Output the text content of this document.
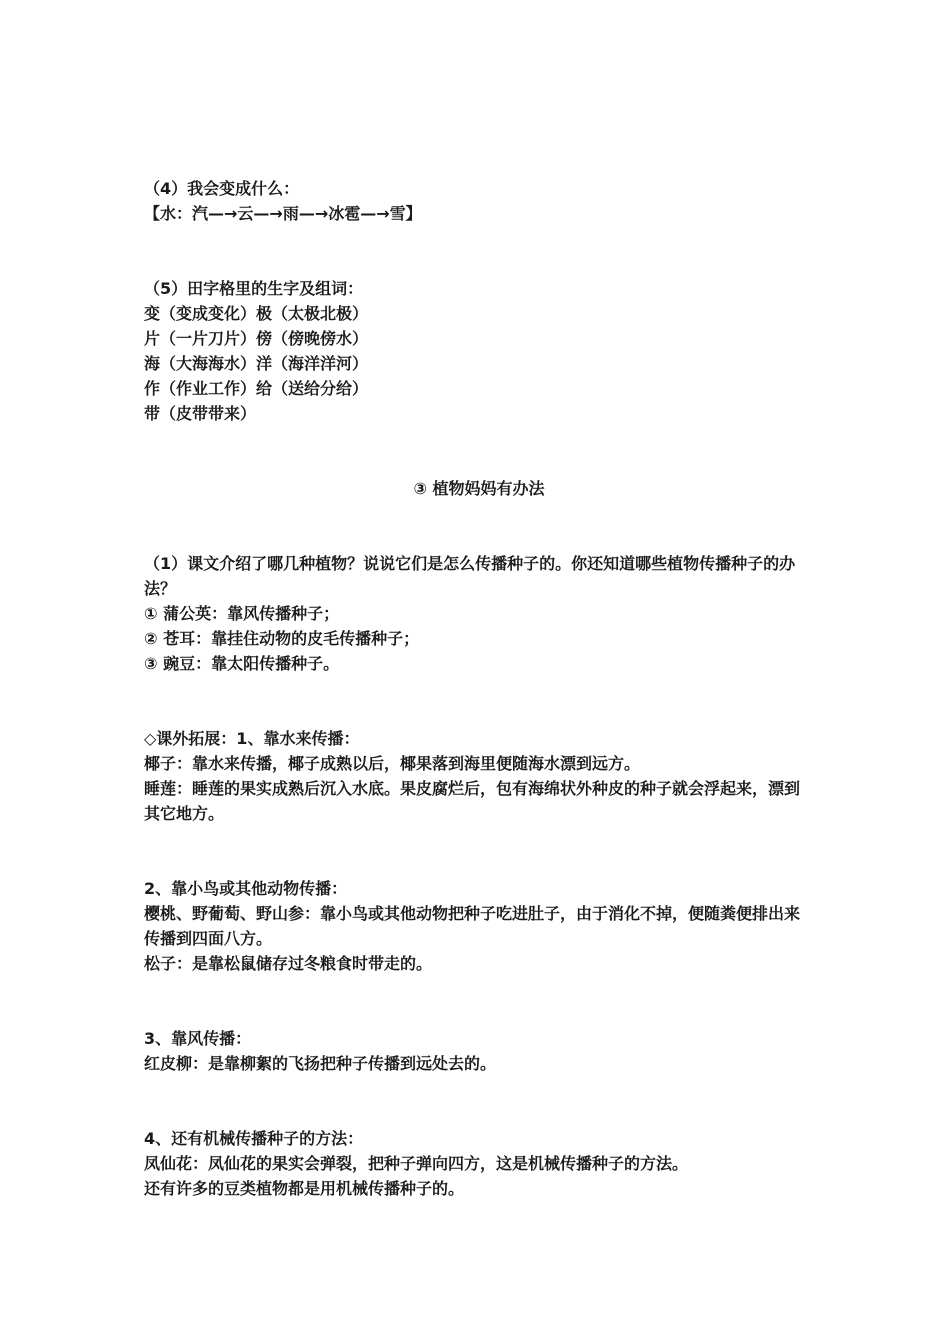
（4）我会变成什么：

【水：汽—→云—→雨—→冰雹—→雪】

（5）田字格里的生字及组词：

变（变成变化）极（太极北极）

片（一片刀片）傍（傍晚傍水）

海（大海海水）洋（海洋洋河）

作（作业工作）给（送给分给）

带（皮带带来）

③ 植物妈妈有办法

（1）课文介绍了哪几种植物？说说它们是怎么传播种子的。你还知道哪些植物传播种子的办法？

① 蒲公英：靠风传播种子；

② 苍耳：靠挂住动物的皮毛传播种子；

③ 豌豆：靠太阳传播种子。

◇课外拓展：1、靠水来传播：

椰子：靠水来传播，椰子成熟以后，椰果落到海里便随海水漂到远方。

睡莲：睡莲的果实成熟后沉入水底。果皮腐烂后，包有海绵状外种皮的种子就会浮起来，漂到其它地方。

2、靠小鸟或其他动物传播：

樱桃、野葡萄、野山参：靠小鸟或其他动物把种子吃进肚子，由于消化不掉，便随粪便排出来传播到四面八方。

松子：是靠松鼠储存过冬粮食时带走的。

3、靠风传播：

红皮柳：是靠柳絮的飞扬把种子传播到远处去的。

4、还有机械传播种子的方法：

凤仙花：凤仙花的果实会弹裂，把种子弹向四方，这是机械传播种子的方法。

还有许多的豆类植物都是用机械传播种子的。
